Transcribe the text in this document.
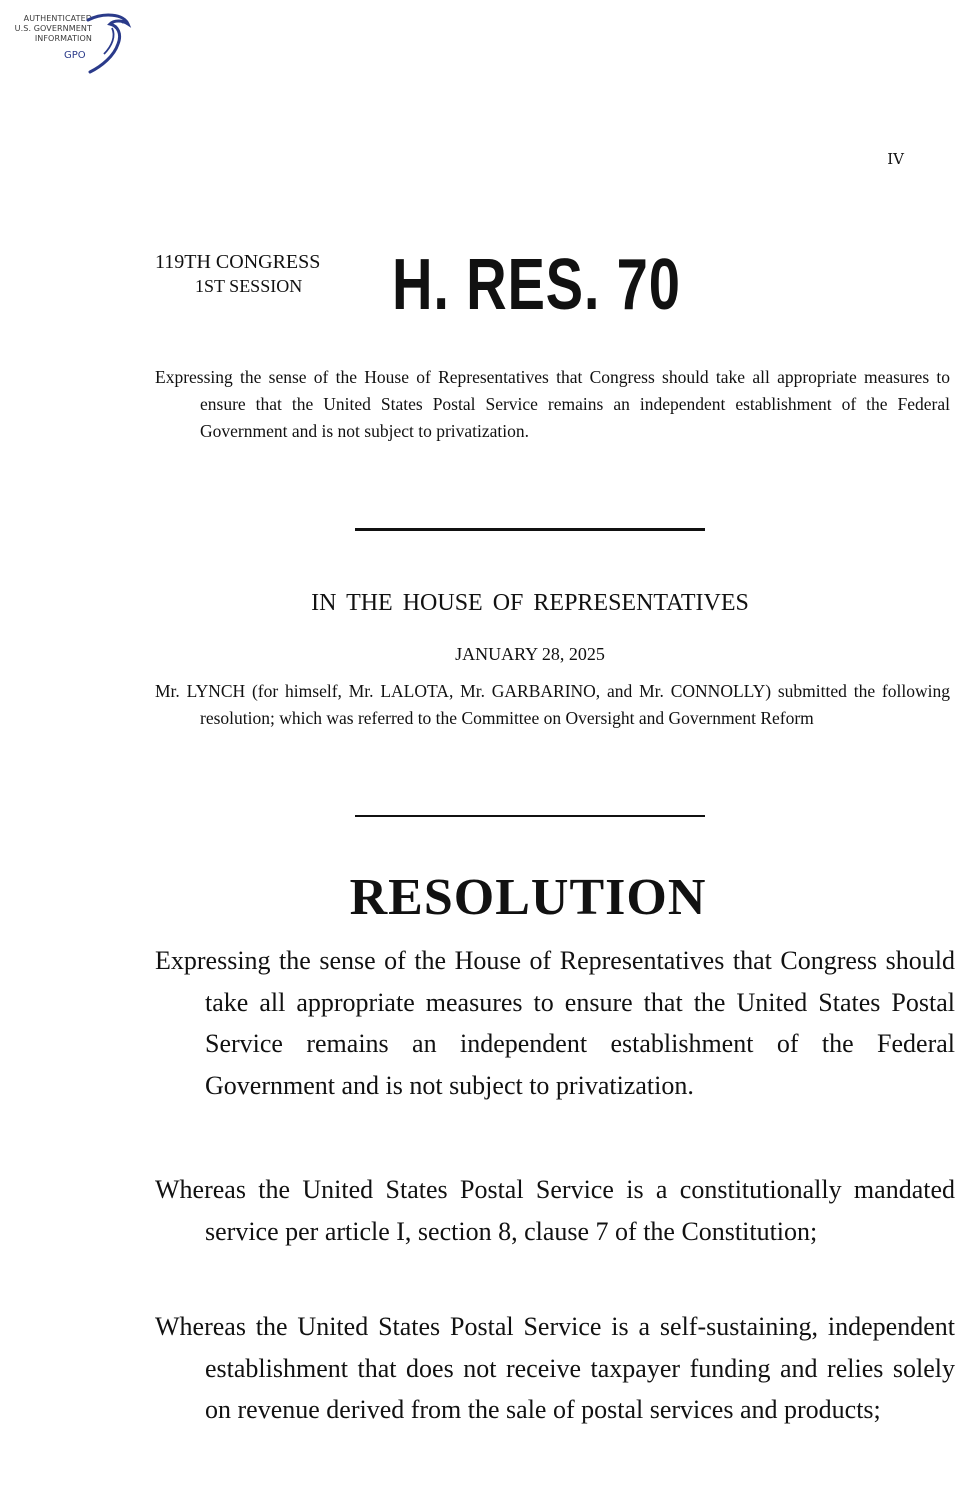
AUTHENTICATED
U.S. GOVERNMENT
INFORMATION
GPO
IV
119TH CONGRESS
1ST SESSION	H. RES. 70
Expressing the sense of the House of Representatives that Congress should take all appropriate measures to ensure that the United States Postal Service remains an independent establishment of the Federal Government and is not subject to privatization.
IN THE HOUSE OF REPRESENTATIVES
JANUARY 28, 2025
Mr. LYNCH (for himself, Mr. LALOTA, Mr. GARBARINO, and Mr. CONNOLLY) submitted the following resolution; which was referred to the Committee on Oversight and Government Reform
RESOLUTION
Expressing the sense of the House of Representatives that Congress should take all appropriate measures to ensure that the United States Postal Service remains an independent establishment of the Federal Government and is not subject to privatization.
Whereas the United States Postal Service is a constitutionally mandated service per article I, section 8, clause 7 of the Constitution;
Whereas the United States Postal Service is a self-sustaining, independent establishment that does not receive taxpayer funding and relies solely on revenue derived from the sale of postal services and products;
